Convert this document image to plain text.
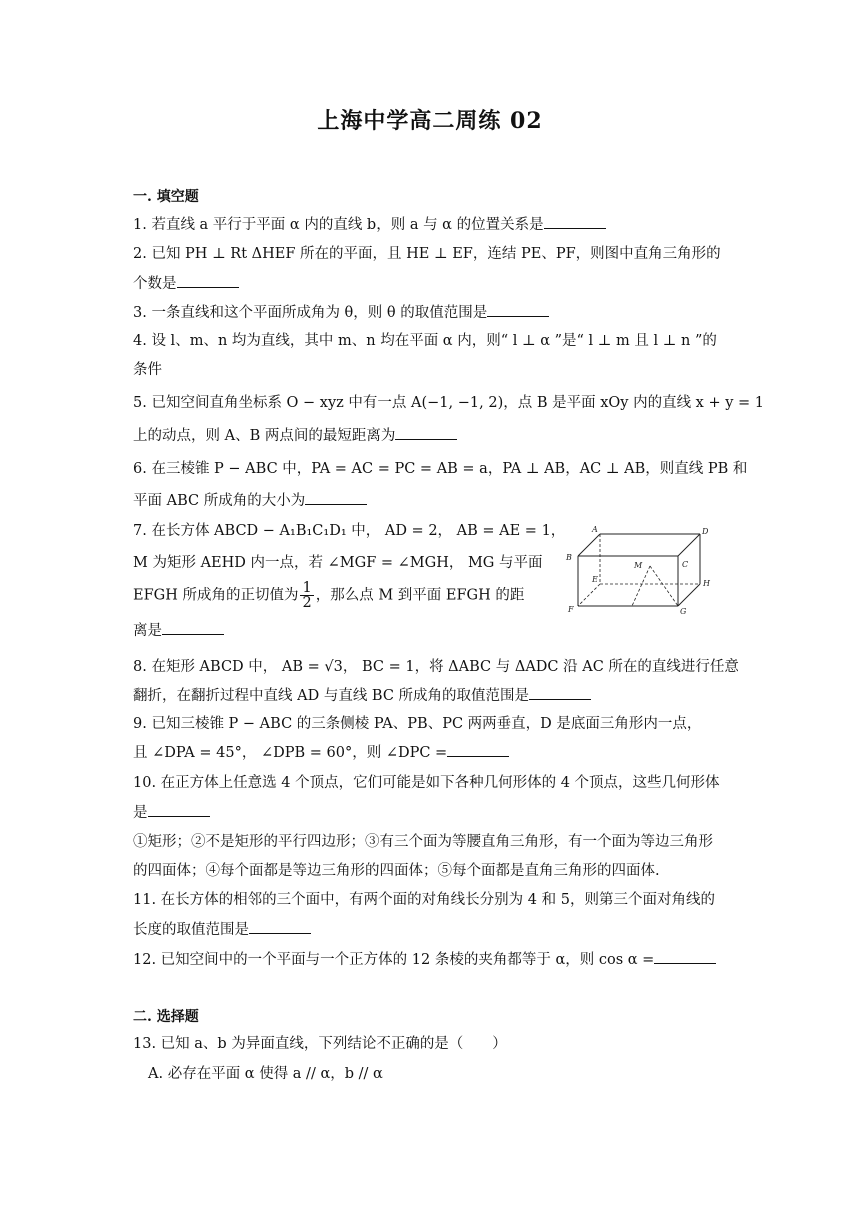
上海中学高二周练 02
一. 填空题
1. 若直线 a 平行于平面 α 内的直线 b，则 a 与 α 的位置关系是
2. 已知 PH ⊥ Rt ΔHEF 所在的平面，且 HE ⊥ EF，连结 PE、PF，则图中直角三角形的
个数是
3. 一条直线和这个平面所成角为 θ，则 θ 的取值范围是
4. 设 l、m、n 均为直线，其中 m、n 均在平面 α 内，则“ l ⊥ α ”是“ l ⊥ m 且 l ⊥ n ”的
条件
5. 已知空间直角坐标系 O − xyz 中有一点 A(−1, −1, 2)，点 B 是平面 xOy 内的直线 x + y = 1
上的动点，则 A、B 两点间的最短距离为
6. 在三棱锥 P − ABC 中，PA = AC = PC = AB = a，PA ⊥ AB，AC ⊥ AB，则直线 PB 和
平面 ABC 所成角的大小为
7. 在长方体 ABCD − A₁B₁C₁D₁ 中， AD = 2， AB = AE = 1，
M 为矩形 AEHD 内一点，若 ∠MGF = ∠MGH， MG 与平面
EFGH 所成角的正切值为 $\frac{1}{2}$ ，那么点 M 到平面 EFGH 的距
离是
A	D
B
C
E	H
M
F	G
8. 在矩形 ABCD 中， AB = √3， BC = 1，将 ΔABC 与 ΔADC 沿 AC 所在的直线进行任意
翻折，在翻折过程中直线 AD 与直线 BC 所成角的取值范围是
9. 已知三棱锥 P − ABC 的三条侧棱 PA、PB、PC 两两垂直，D 是底面三角形内一点，
且 ∠DPA = 45°， ∠DPB = 60°，则 ∠DPC =
10. 在正方体上任意选 4 个顶点，它们可能是如下各种几何形体的 4 个顶点，这些几何形体
是
①矩形；②不是矩形的平行四边形；③有三个面为等腰直角三角形，有一个面为等边三角形
的四面体；④每个面都是等边三角形的四面体；⑤每个面都是直角三角形的四面体.
11. 在长方体的相邻的三个面中，有两个面的对角线长分别为 4 和 5，则第三个面对角线的
长度的取值范围是
12. 已知空间中的一个平面与一个正方体的 12 条棱的夹角都等于 α，则 cos α =
二. 选择题
13. 已知 a、b 为异面直线，下列结论不正确的是（　　）
A. 必存在平面 α 使得 a // α，b // α
